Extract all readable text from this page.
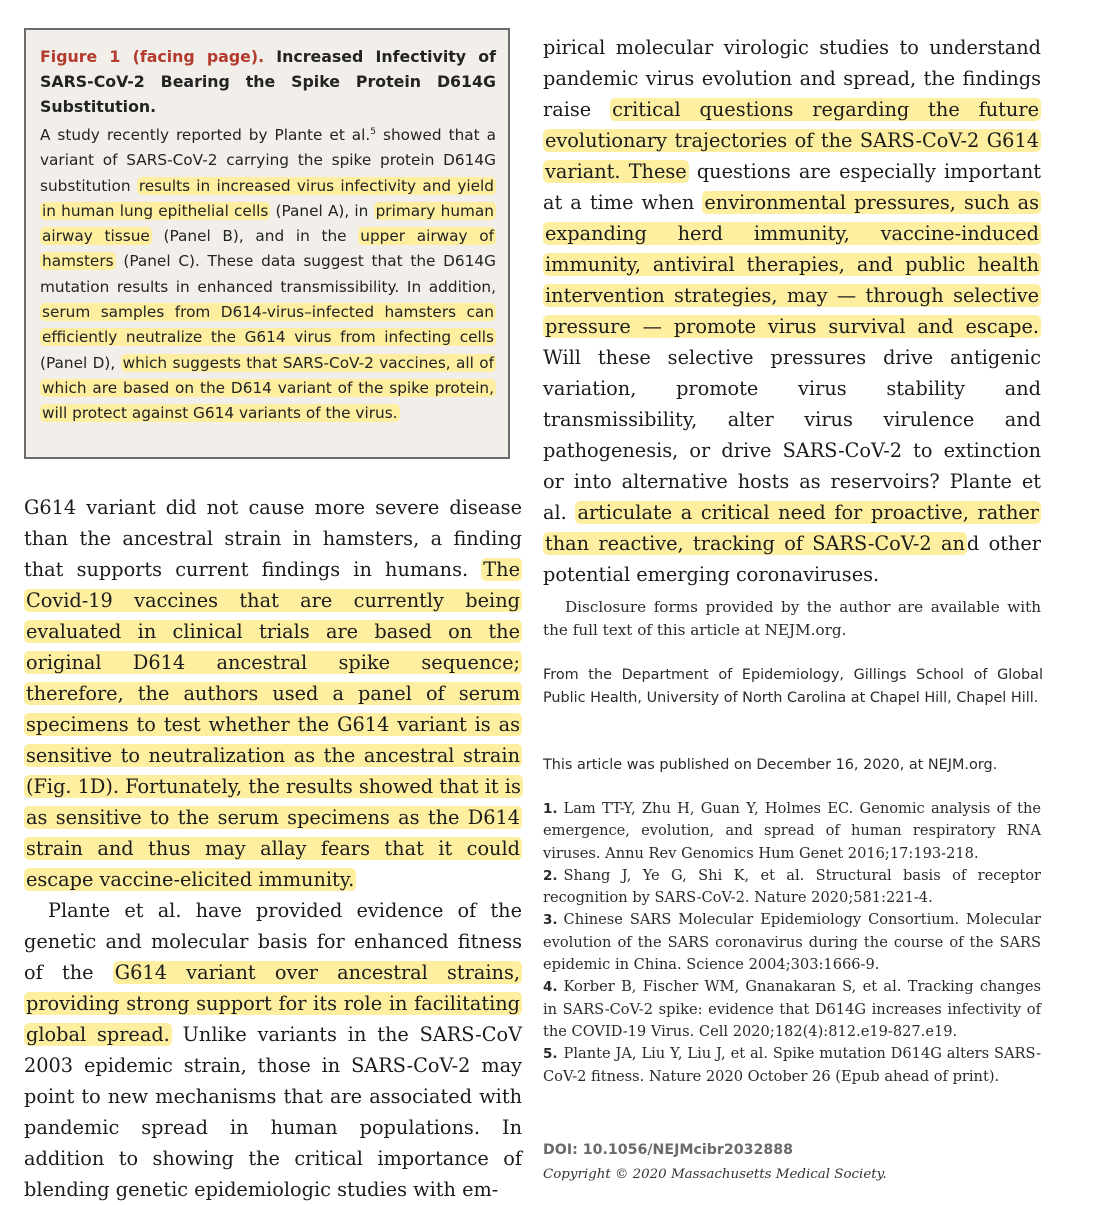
Figure 1 (facing page). Increased Infectivity of SARS-CoV-2 Bearing the Spike Protein D614G Substitution.

A study recently reported by Plante et al.$^5$ showed that a variant of SARS-CoV-2 carrying the spike protein D614G substitution results in increased virus infectivity and yield in human lung epithelial cells (Panel A), in primary human airway tissue (Panel B), and in the upper airway of hamsters (Panel C). These data suggest that the D614G mutation results in enhanced transmissibility. In addition, serum samples from D614-virus–infected hamsters can efficiently neutralize the G614 virus from infecting cells (Panel D), which suggests that SARS-CoV-2 vaccines, all of which are based on the D614 variant of the spike protein, will protect against G614 variants of the virus.

G614 variant did not cause more severe disease than the ancestral strain in hamsters, a finding that supports current findings in humans. The Covid-19 vaccines that are currently being evaluated in clinical trials are based on the original D614 ancestral spike sequence; therefore, the authors used a panel of serum specimens to test whether the G614 variant is as sensitive to neutralization as the ancestral strain (Fig. 1D). Fortunately, the results showed that it is as sensitive to the serum specimens as the D614 strain and thus may allay fears that it could escape vaccine-elicited immunity.

Plante et al. have provided evidence of the genetic and molecular basis for enhanced fitness of the G614 variant over ancestral strains, providing strong support for its role in facilitating global spread. Unlike variants in the SARS-CoV 2003 epidemic strain, those in SARS-CoV-2 may point to new mechanisms that are associated with pandemic spread in human populations. In addition to showing the critical importance of blending genetic epidemiologic studies with em-

pirical molecular virologic studies to understand pandemic virus evolution and spread, the findings raise critical questions regarding the future evolutionary trajectories of the SARS-CoV-2 G614 variant. These questions are especially important at a time when environmental pressures, such as expanding herd immunity, vaccine-induced immunity, antiviral therapies, and public health intervention strategies, may — through selective pressure — promote virus survival and escape. Will these selective pressures drive antigenic variation, promote virus stability and transmissibility, alter virus virulence and pathogenesis, or drive SARS-CoV-2 to extinction or into alternative hosts as reservoirs? Plante et al. articulate a critical need for proactive, rather than reactive, tracking of SARS-CoV-2 an d other potential emerging coronaviruses.

Disclosure forms provided by the author are available with the full text of this article at NEJM.org.
From the Department of Epidemiology, Gillings School of Global Public Health, University of North Carolina at Chapel Hill, Chapel Hill.
This article was published on December 16, 2020, at NEJM.org.

1. Lam TT-Y, Zhu H, Guan Y, Holmes EC. Genomic analysis of the emergence, evolution, and spread of human respiratory RNA viruses. Annu Rev Genomics Hum Genet 2016;17:193-218.

2. Shang J, Ye G, Shi K, et al. Structural basis of receptor recognition by SARS-CoV-2. Nature 2020;581:221-4.

3. Chinese SARS Molecular Epidemiology Consortium. Molecular evolution of the SARS coronavirus during the course of the SARS epidemic in China. Science 2004;303:1666-9.

4. Korber B, Fischer WM, Gnanakaran S, et al. Tracking changes in SARS-CoV-2 spike: evidence that D614G increases infectivity of the COVID-19 Virus. Cell 2020;182(4):812.e19-827.e19.

5. Plante JA, Liu Y, Liu J, et al. Spike mutation D614G alters SARS-CoV-2 fitness. Nature 2020 October 26 (Epub ahead of print).

DOI: 10.1056/NEJMcibr2032888
Copyright © 2020 Massachusetts Medical Society.
